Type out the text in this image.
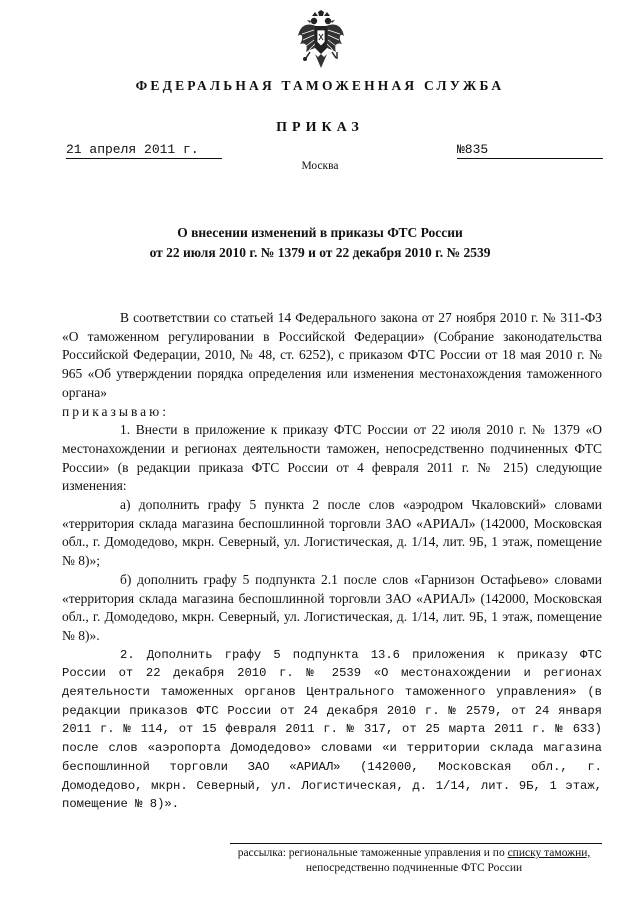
ФЕДЕРАЛЬНАЯ ТАМОЖЕННАЯ СЛУЖБА
ПРИКАЗ
21 апреля 2011 г.	№835
Москва
О внесении изменений в приказы ФТС России
от 22 июля 2010 г. № 1379 и от 22 декабря 2010 г. № 2539

В соответствии со статьей 14 Федерального закона от 27 ноября 2010 г. № 311-ФЗ «О таможенном регулировании в Российской Федерации» (Собрание законодательства Российской Федерации, 2010, № 48, ст. 6252), с приказом ФТС России от 18 мая 2010 г. № 965 «Об утверждении порядка определения или изменения местонахождения таможенного органа»

приказываю:

1. Внести в приложение к приказу ФТС России от 22 июля 2010 г. № 1379 «О местонахождении и регионах деятельности таможен, непосредственно подчиненных ФТС России» (в редакции приказа ФТС России от 4 февраля 2011 г. № 215) следующие изменения:

а) дополнить графу 5 пункта 2 после слов «аэродром Чкаловский» словами «территория склада магазина беспошлинной торговли ЗАО «АРИАЛ» (142000, Московская обл., г. Домодедово, мкрн. Северный, ул. Логистическая, д. 1/14, лит. 9Б, 1 этаж, помещение № 8)»;

б) дополнить графу 5 подпункта 2.1 после слов «Гарнизон Остафьево» словами «территория склада магазина беспошлинной торговли ЗАО «АРИАЛ» (142000, Московская обл., г. Домодедово, мкрн. Северный, ул. Логистическая, д. 1/14, лит. 9Б, 1 этаж, помещение № 8)».

2. Дополнить графу 5 подпункта 13.6 приложения к приказу ФТС России от 22 декабря 2010 г. № 2539 «О местонахождении и регионах деятельности таможенных органов Центрального таможенного управления» (в редакции приказов ФТС России от 24 декабря 2010 г. № 2579, от 24 января 2011 г. № 114, от 15 февраля 2011 г. № 317, от 25 марта 2011 г. № 633) после слов «аэропорта Домодедово» словами «и территории склада магазина беспошлинной торговли ЗАО «АРИАЛ» (142000, Московская обл., г. Домодедово, мкрн. Северный, ул. Логистическая, д. 1/14, лит. 9Б, 1 этаж, помещение № 8)».

рассылка: региональные таможенные управления и по списку таможни,
непосредственно подчиненные ФТС России
